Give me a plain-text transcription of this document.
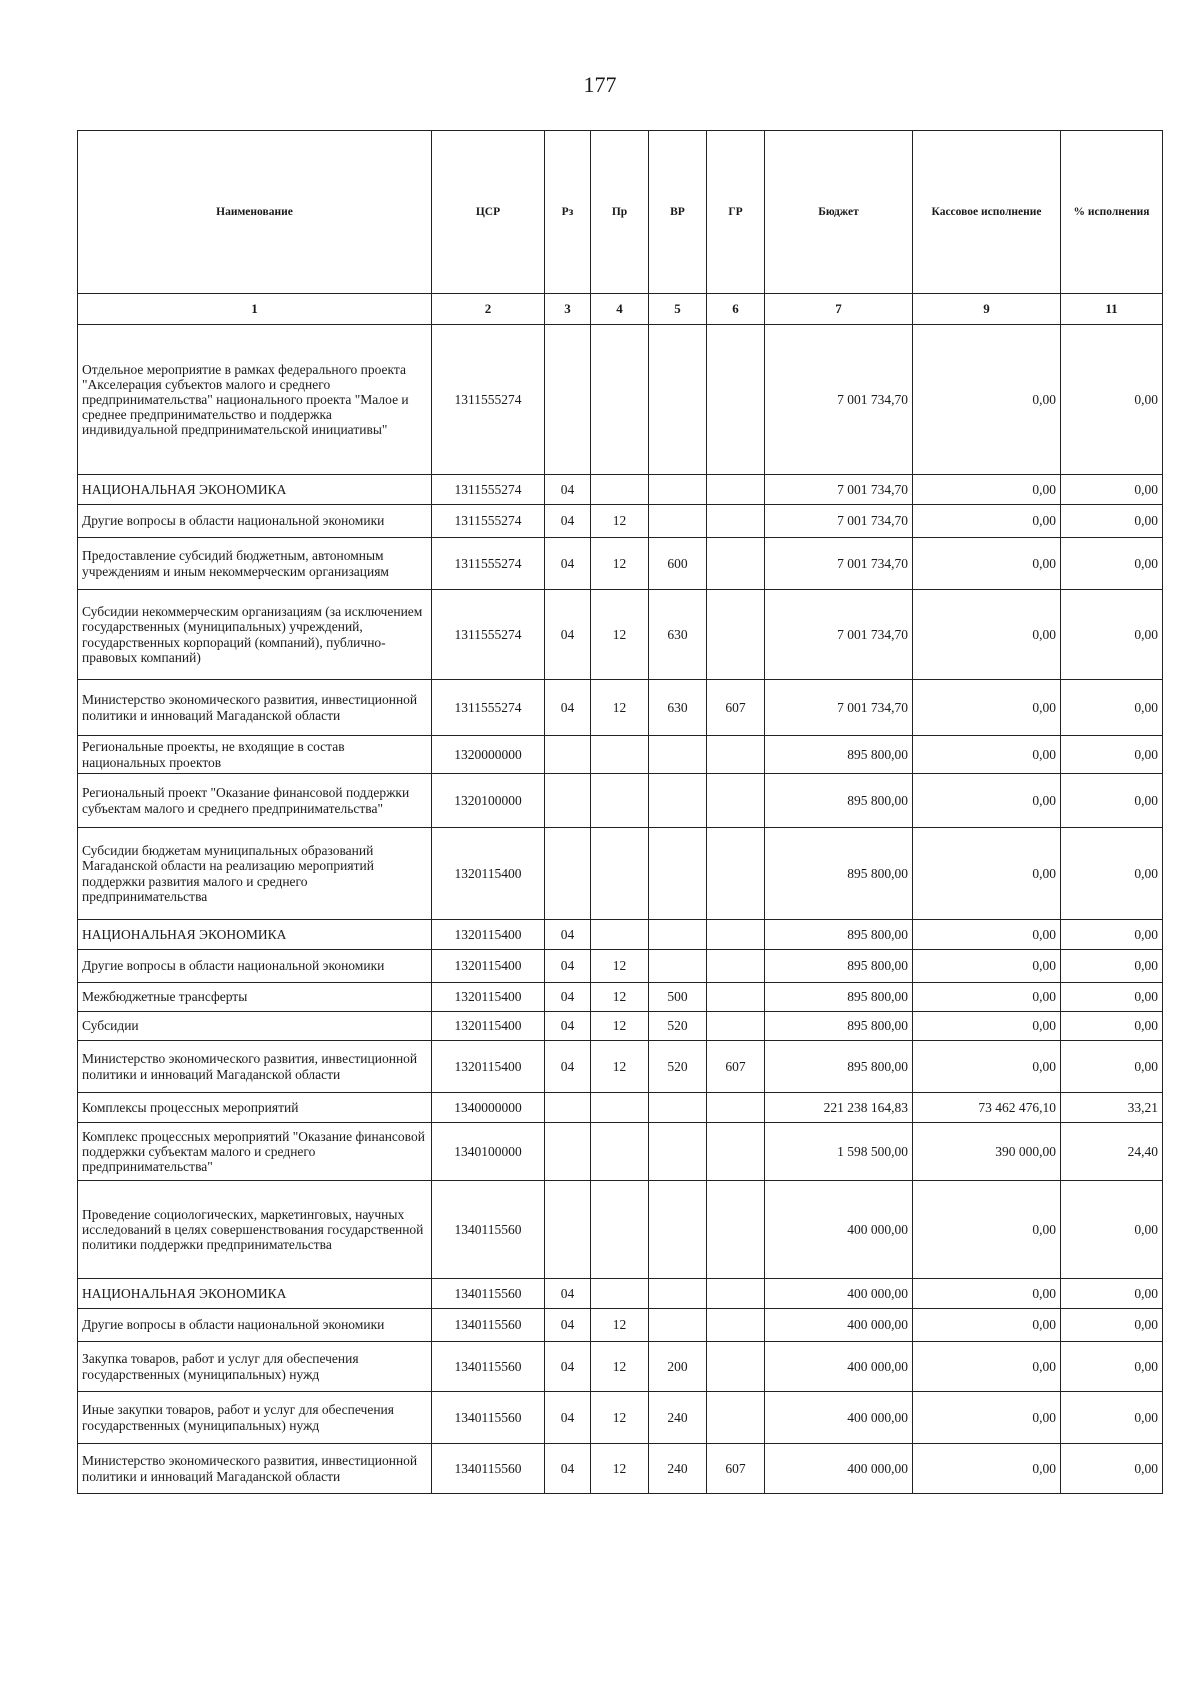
177
Наименование	ЦСР	Рз	Пр	ВР	ГР	Бюджет	Кассовое исполнение	% исполнения
1	2	3	4	5	6	7	9	11
Отдельное мероприятие в рамках федерального проекта "Акселерация субъектов малого и среднего предпринимательства" национального проекта "Малое и среднее предпринимательство и поддержка индивидуальной предпринимательской инициативы"	1311555274					7 001 734,70	0,00	0,00
НАЦИОНАЛЬНАЯ ЭКОНОМИКА	1311555274	04				7 001 734,70	0,00	0,00
Другие вопросы в области национальной экономики	1311555274	04	12			7 001 734,70	0,00	0,00
Предоставление субсидий бюджетным, автономным учреждениям и иным некоммерческим организациям	1311555274	04	12	600		7 001 734,70	0,00	0,00
Субсидии некоммерческим организациям (за исключением государственных (муниципальных) учреждений, государственных корпораций (компаний), публично-правовых компаний)	1311555274	04	12	630		7 001 734,70	0,00	0,00
Министерство экономического развития, инвестиционной политики и инноваций Магаданской области	1311555274	04	12	630	607	7 001 734,70	0,00	0,00
Региональные проекты, не входящие в состав национальных проектов	1320000000					895 800,00	0,00	0,00
Региональный проект "Оказание финансовой поддержки субъектам малого и среднего предпринимательства"	1320100000					895 800,00	0,00	0,00
Субсидии бюджетам муниципальных образований Магаданской области на реализацию мероприятий поддержки развития малого и среднего предпринимательства	1320115400					895 800,00	0,00	0,00
НАЦИОНАЛЬНАЯ ЭКОНОМИКА	1320115400	04				895 800,00	0,00	0,00
Другие вопросы в области национальной экономики	1320115400	04	12			895 800,00	0,00	0,00
Межбюджетные трансферты	1320115400	04	12	500		895 800,00	0,00	0,00
Субсидии	1320115400	04	12	520		895 800,00	0,00	0,00
Министерство экономического развития, инвестиционной политики и инноваций Магаданской области	1320115400	04	12	520	607	895 800,00	0,00	0,00
Комплексы процессных мероприятий	1340000000					221 238 164,83	73 462 476,10	33,21
Комплекс процессных мероприятий "Оказание финансовой поддержки субъектам малого и среднего предпринимательства"	1340100000					1 598 500,00	390 000,00	24,40
Проведение социологических, маркетинговых, научных исследований в целях совершенствования государственной политики поддержки предпринимательства	1340115560					400 000,00	0,00	0,00
НАЦИОНАЛЬНАЯ ЭКОНОМИКА	1340115560	04				400 000,00	0,00	0,00
Другие вопросы в области национальной экономики	1340115560	04	12			400 000,00	0,00	0,00
Закупка товаров, работ и услуг для обеспечения государственных (муниципальных) нужд	1340115560	04	12	200		400 000,00	0,00	0,00
Иные закупки товаров, работ и услуг для обеспечения государственных (муниципальных) нужд	1340115560	04	12	240		400 000,00	0,00	0,00
Министерство экономического развития, инвестиционной политики и инноваций Магаданской области	1340115560	04	12	240	607	400 000,00	0,00	0,00
